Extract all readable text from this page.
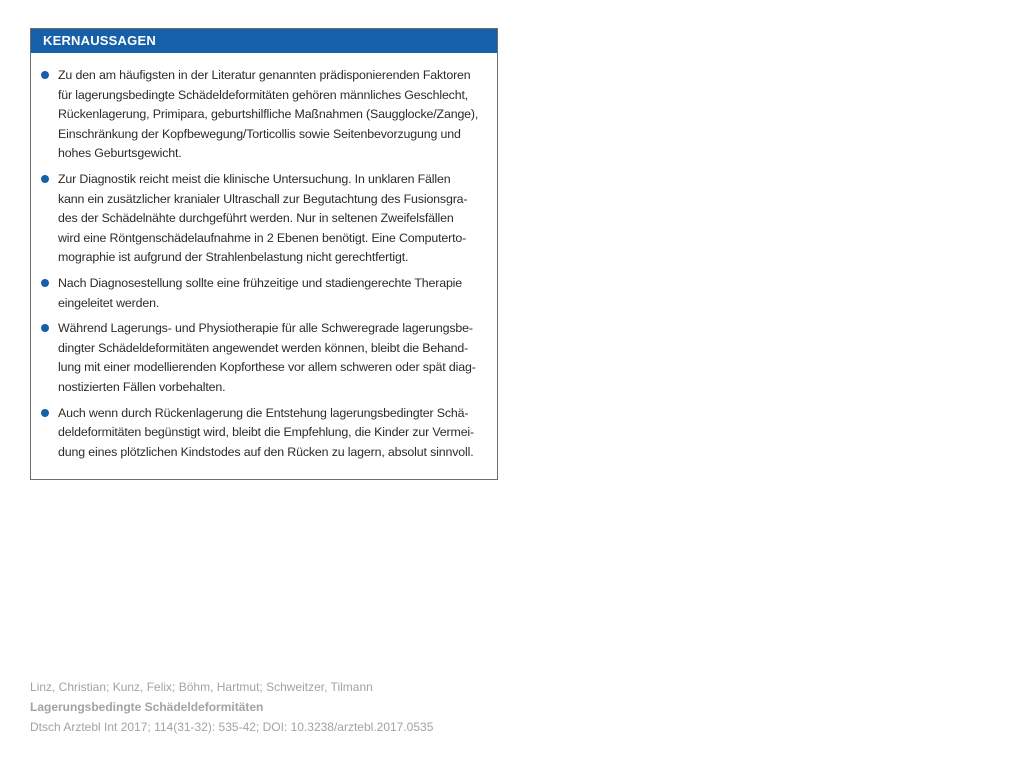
KERNAUSSAGEN
Zu den am häufigsten in der Literatur genannten prädisponierenden Faktoren
für lagerungsbedingte Schädeldeformitäten gehören männliches Geschlecht,
Rückenlagerung, Primipara, geburtshilfliche Maßnahmen (Saugglocke/Zange),
Einschränkung der Kopfbewegung/Torticollis sowie Seitenbevorzugung und
hohes Geburtsgewicht.
Zur Diagnostik reicht meist die klinische Untersuchung. In unklaren Fällen
kann ein zusätzlicher kranialer Ultraschall zur Begutachtung des Fusionsgra-
des der Schädelnähte durchgeführt werden. Nur in seltenen Zweifelsfällen
wird eine Röntgenschädelaufnahme in 2 Ebenen benötigt. Eine Computerto-
mographie ist aufgrund der Strahlenbelastung nicht gerechtfertigt.
Nach Diagnosestellung sollte eine frühzeitige und stadiengerechte Therapie
eingeleitet werden.
Während Lagerungs- und Physiotherapie für alle Schweregrade lagerungsbe-
dingter Schädeldeformitäten angewendet werden können, bleibt die Behand-
lung mit einer modellierenden Kopforthese vor allem schweren oder spät diag-
nostizierten Fällen vorbehalten.
Auch wenn durch Rückenlagerung die Entstehung lagerungsbedingter Schä-
deldeformitäten begünstigt wird, bleibt die Empfehlung, die Kinder zur Vermei-
dung eines plötzlichen Kindstodes auf den Rücken zu lagern, absolut sinnvoll.
Linz, Christian; Kunz, Felix; Böhm, Hartmut; Schweitzer, Tilmann
Lagerungsbedingte Schädeldeformitäten
Dtsch Arztebl Int 2017; 114(31-32): 535-42; DOI: 10.3238/arztebl.2017.0535
